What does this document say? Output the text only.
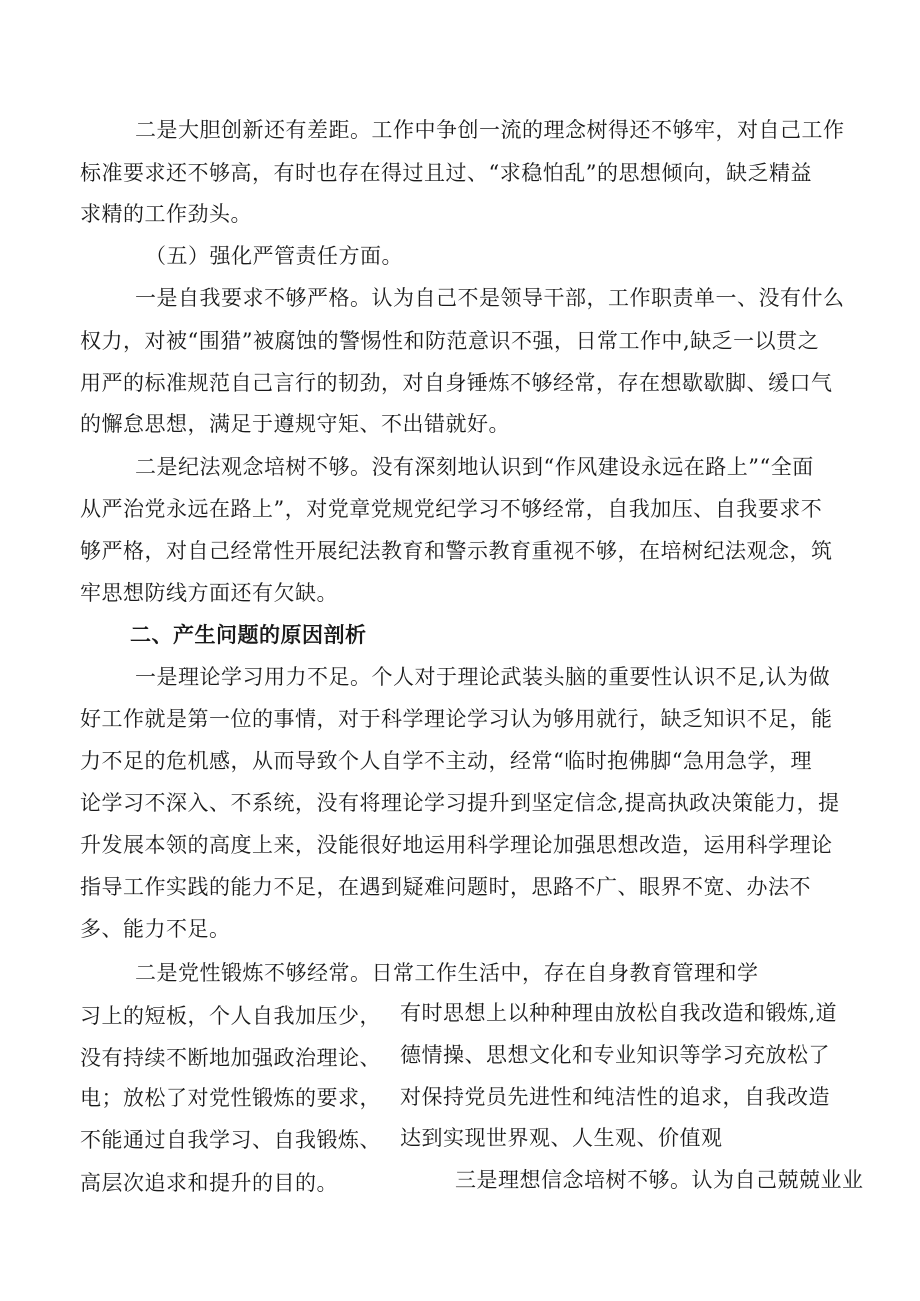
二是大胆创新还有差距。工作中争创一流的理念树得还不够牢，对自己工作
标准要求还不够高，有时也存在得过且过、“求稳怕乱”的思想倾向，缺乏精益
求精的工作劲头。
（五）强化严管责任方面。
一是自我要求不够严格。认为自己不是领导干部，工作职责单一、没有什么
权力，对被“围猎”被腐蚀的警惕性和防范意识不强，日常工作中,缺乏一以贯之
用严的标准规范自己言行的韧劲，对自身锤炼不够经常，存在想歇歇脚、缓口气
的懈怠思想，满足于遵规守矩、不出错就好。
二是纪法观念培树不够。没有深刻地认识到“作风建设永远在路上”“全面
从严治党永远在路上”，对党章党规党纪学习不够经常，自我加压、自我要求不
够严格，对自己经常性开展纪法教育和警示教育重视不够，在培树纪法观念，筑
牢思想防线方面还有欠缺。
二、产生问题的原因剖析
一是理论学习用力不足。个人对于理论武装头脑的重要性认识不足,认为做
好工作就是第一位的事情，对于科学理论学习认为够用就行，缺乏知识不足，能
力不足的危机感，从而导致个人自学不主动，经常“临时抱佛脚“急用急学，理
论学习不深入、不系统，没有将理论学习提升到坚定信念,提高执政决策能力，提
升发展本领的高度上来，没能很好地运用科学理论加强思想改造，运用科学理论
指导工作实践的能力不足，在遇到疑难问题时，思路不广、眼界不宽、办法不
多、能力不足。
二是党性锻炼不够经常。日常工作生活中，存在自身教育管理和学
习上的短板，个人自我加压少，
没有持续不断地加强政治理论、
电；放松了对党性锻炼的要求，
不能通过自我学习、自我锻炼、
高层次追求和提升的目的。
有时思想上以种种理由放松自我改造和锻炼,道
德情操、思想文化和专业知识等学习充放松了
对保持党员先进性和纯洁性的追求，自我改造
达到实现世界观、人生观、价值观
三是理想信念培树不够。认为自己兢兢业业
